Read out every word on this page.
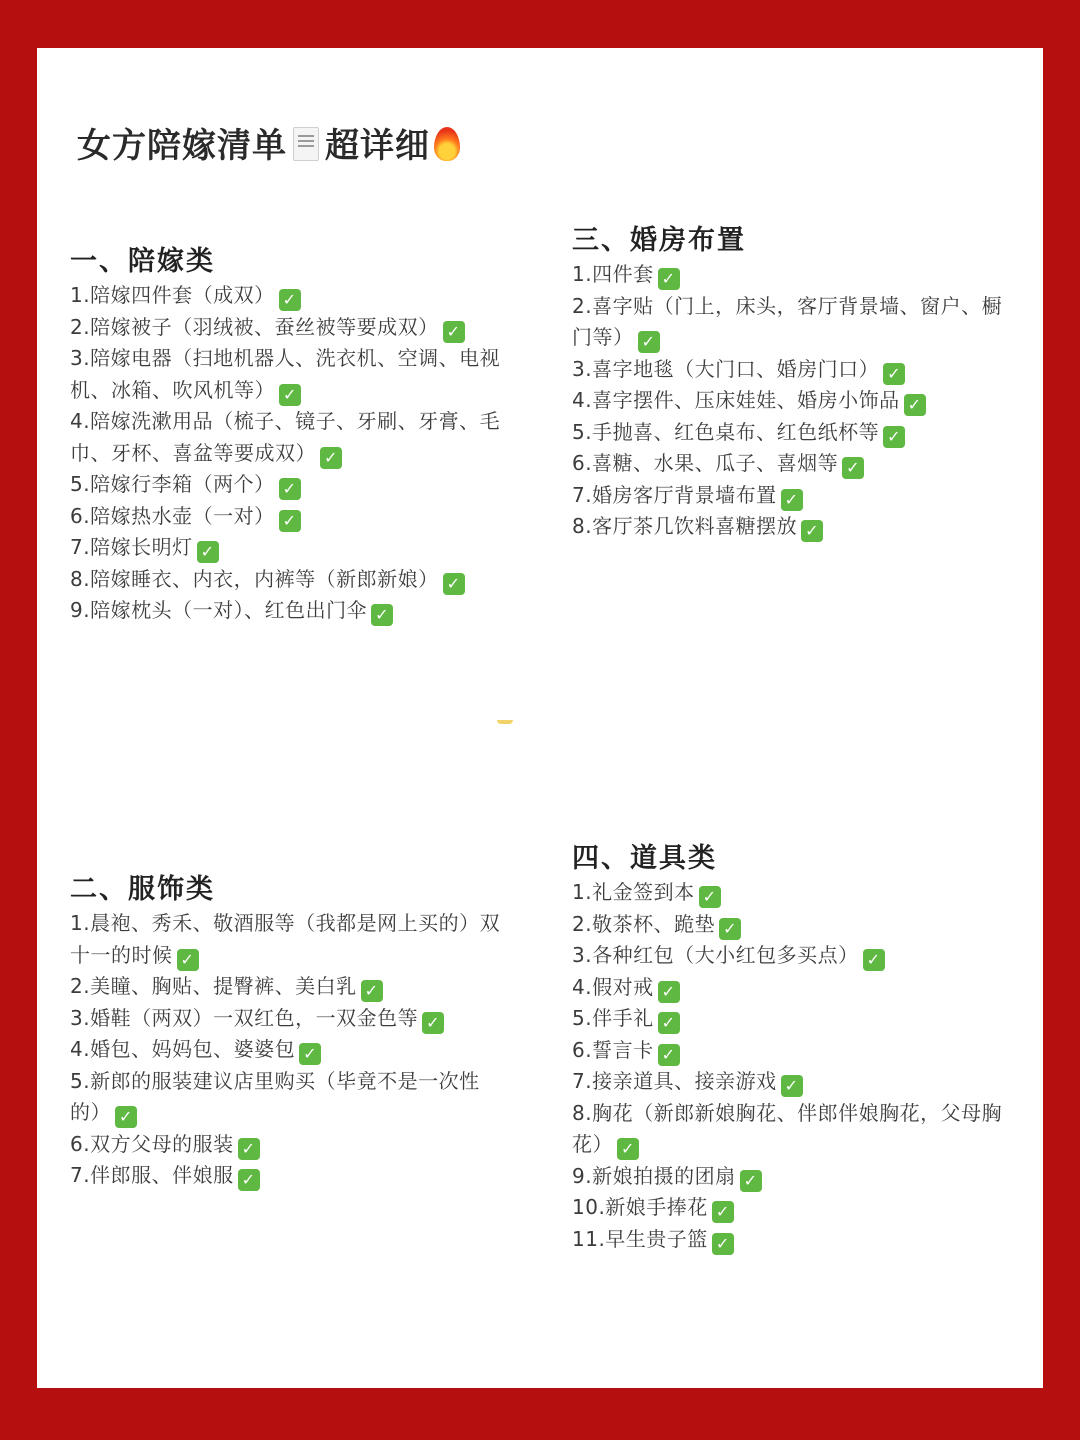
女方陪嫁清单 超详细
一、陪嫁类
1.陪嫁四件套（成双） ✓
2.陪嫁被子（羽绒被、蚕丝被等要成双） ✓
3.陪嫁电器（扫地机器人、洗衣机、空调、电视机、冰箱、吹风机等） ✓
4.陪嫁洗漱用品（梳子、镜子、牙刷、牙膏、毛巾、牙杯、喜盆等要成双） ✓
5.陪嫁行李箱（两个） ✓
6.陪嫁热水壶（一对） ✓
7.陪嫁长明灯 ✓
8.陪嫁睡衣、内衣，内裤等（新郎新娘） ✓
9.陪嫁枕头（一对）、红色出门伞 ✓
二、服饰类
1.晨袍、秀禾、敬酒服等（我都是网上买的）双十一的时候 ✓
2.美瞳、胸贴、提臀裤、美白乳 ✓
3.婚鞋（两双）一双红色，一双金色等 ✓
4.婚包、妈妈包、婆婆包 ✓
5.新郎的服装建议店里购买（毕竟不是一次性的） ✓
6.双方父母的服装 ✓
7.伴郎服、伴娘服 ✓
三、婚房布置
1.四件套 ✓
2.喜字贴（门上，床头，客厅背景墙、窗户、橱门等） ✓
3.喜字地毯（大门口、婚房门口） ✓
4.喜字摆件、压床娃娃、婚房小饰品 ✓
5.手抛喜、红色桌布、红色纸杯等 ✓
6.喜糖、水果、瓜子、喜烟等 ✓
7.婚房客厅背景墙布置 ✓
8.客厅茶几饮料喜糖摆放 ✓
四、道具类
1.礼金签到本 ✓
2.敬茶杯、跪垫 ✓
3.各种红包（大小红包多买点） ✓
4.假对戒 ✓
5.伴手礼 ✓
6.誓言卡 ✓
7.接亲道具、接亲游戏 ✓
8.胸花（新郎新娘胸花、伴郎伴娘胸花，父母胸花） ✓
9.新娘拍摄的团扇 ✓
10.新娘手捧花 ✓
11.早生贵子篮 ✓
